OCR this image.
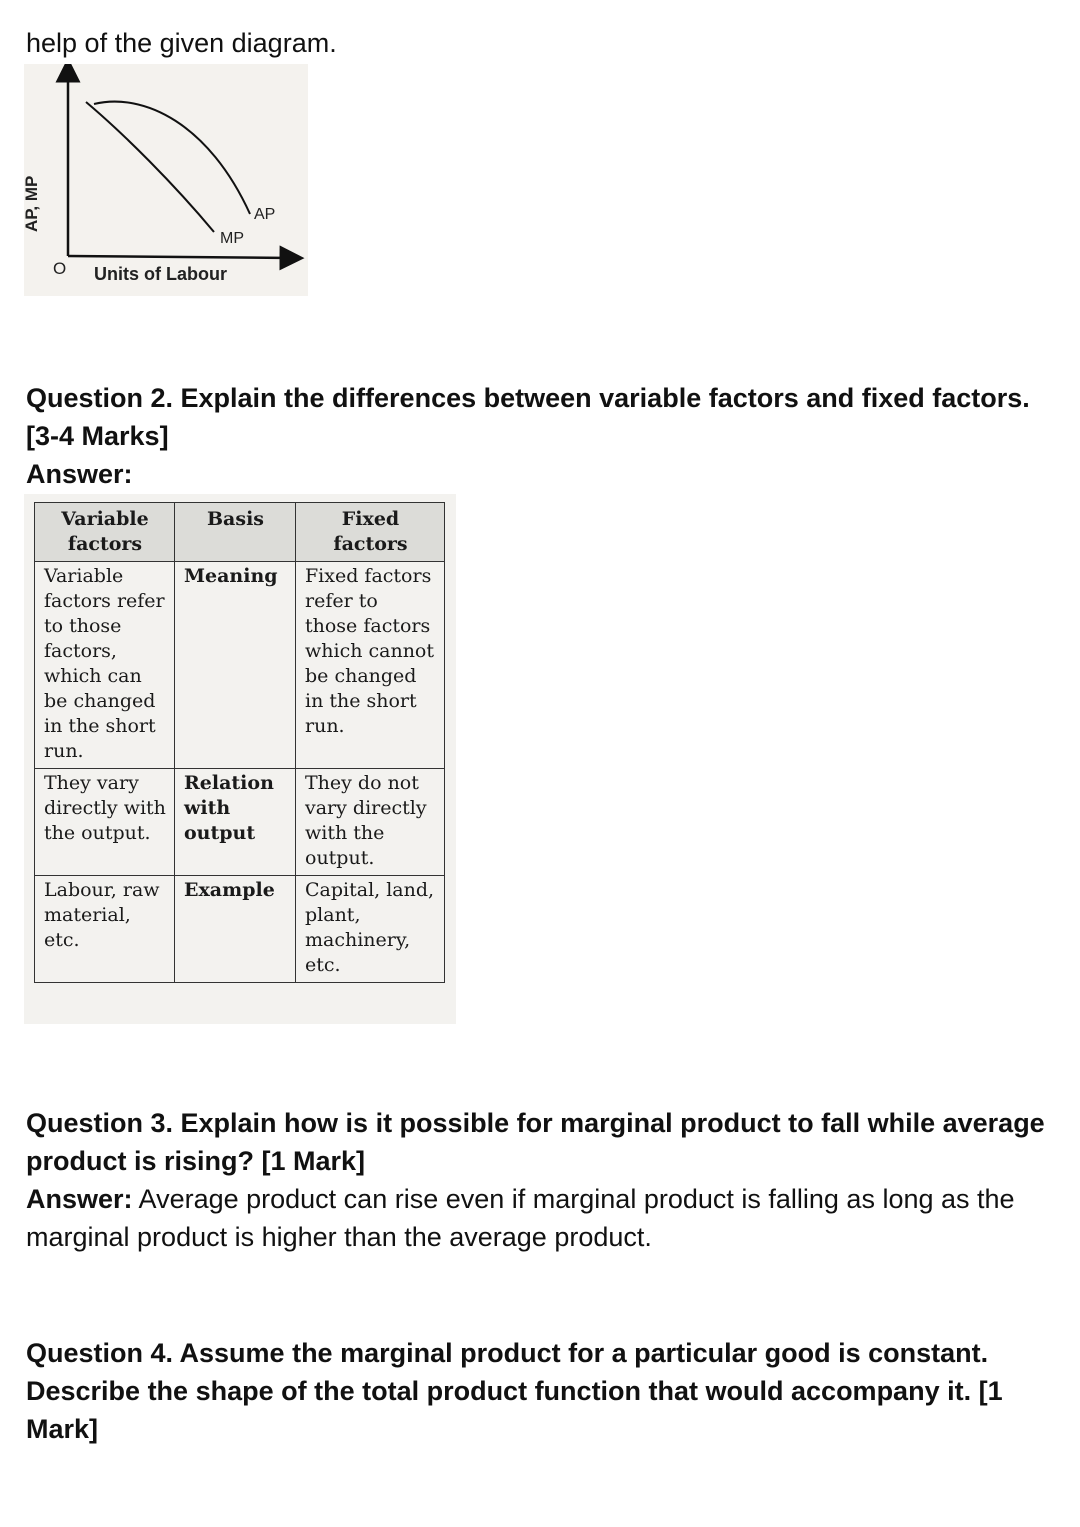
help of the given diagram.

AP, MP	AP
MP
O Units of Labour

Question 2. Explain the differences between variable factors and fixed factors. [3-4 Marks]

Answer:

Variable factors	Basis	Fixed factors
Variable factors refer to those factors, which can be changed in the short run.	Meaning	Fixed factors refer to those factors which cannot be changed in the short run.
They vary directly with the output.	Relation with output	They do not vary directly with the output.
Labour, raw material, etc.	Example	Capital, land, plant, machinery, etc.

Question 3. Explain how is it possible for marginal product to fall while average product is rising? [1 Mark]

Answer: Average product can rise even if marginal product is falling as long as the marginal product is higher than the average product.

Question 4. Assume the marginal product for a particular good is constant. Describe the shape of the total product function that would accompany it. [1 Mark]
